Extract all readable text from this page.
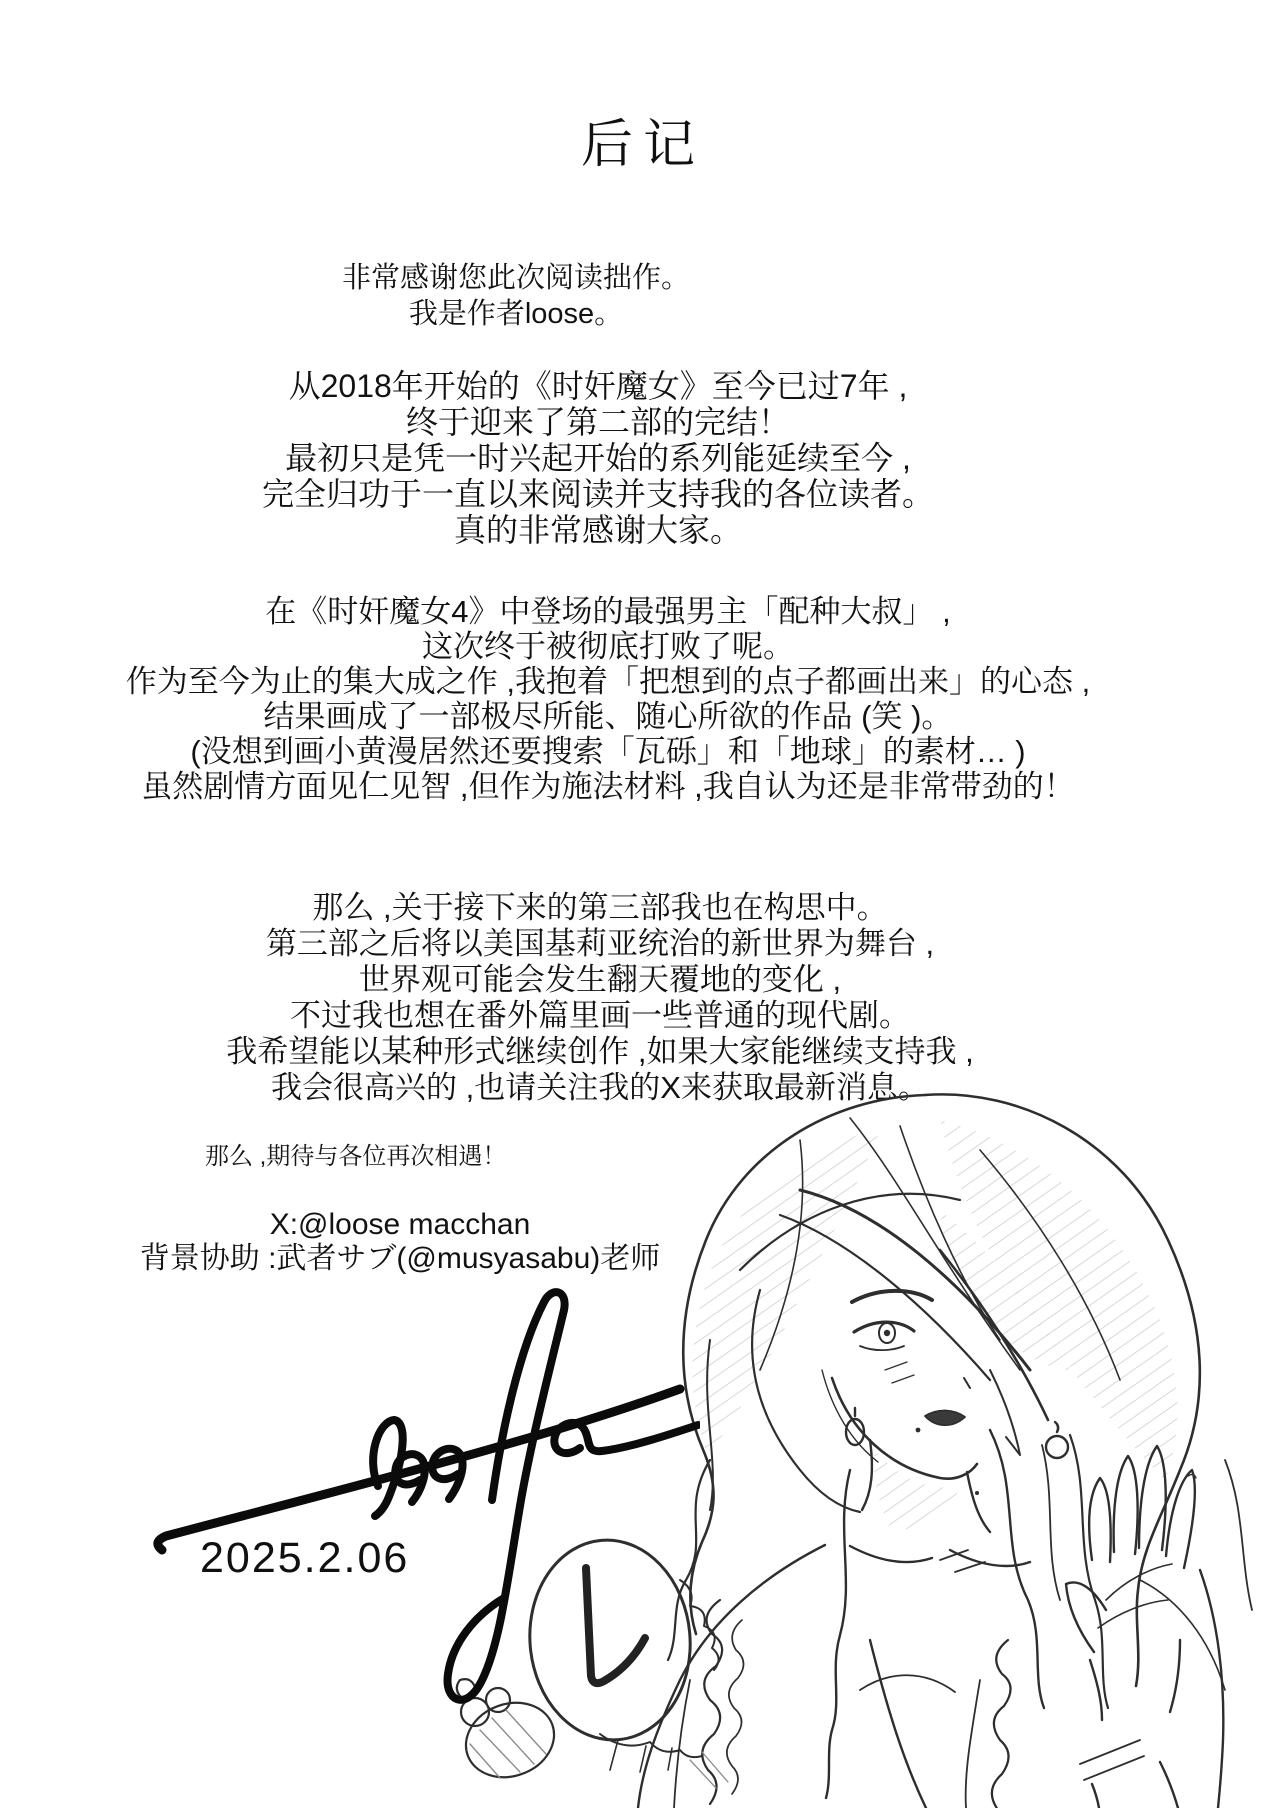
后记
非常感谢您此次阅读拙作。
我是作者loose。
从2018年开始的《时奸魔女》至今已过7年 ,
终于迎来了第二部的完结！
最初只是凭一时兴起开始的系列能延续至今 ,
完全归功于一直以来阅读并支持我的各位读者。
真的非常感谢大家。
在《时奸魔女4》中登场的最强男主「配种大叔」 ,
这次终于被彻底打败了呢。
作为至今为止的集大成之作 ,我抱着「把想到的点子都画出来」的心态 ,
结果画成了一部极尽所能、随心所欲的作品 (笑 )。
(没想到画小黄漫居然还要搜索「瓦砾」和「地球」的素材… )
虽然剧情方面见仁见智 ,但作为施法材料 ,我自认为还是非常带劲的！
那么 ,关于接下来的第三部我也在构思中。
第三部之后将以美国基莉亚统治的新世界为舞台 ,
世界观可能会发生翻天覆地的变化 ,
不过我也想在番外篇里画一些普通的现代剧。
我希望能以某种形式继续创作 ,如果大家能继续支持我 ,
我会很高兴的 ,也请关注我的X来获取最新消息。
那么 ,期待与各位再次相遇！
X:@loose macchan
背景协助 :武者サブ(@musyasabu)老师
2025.2.06
